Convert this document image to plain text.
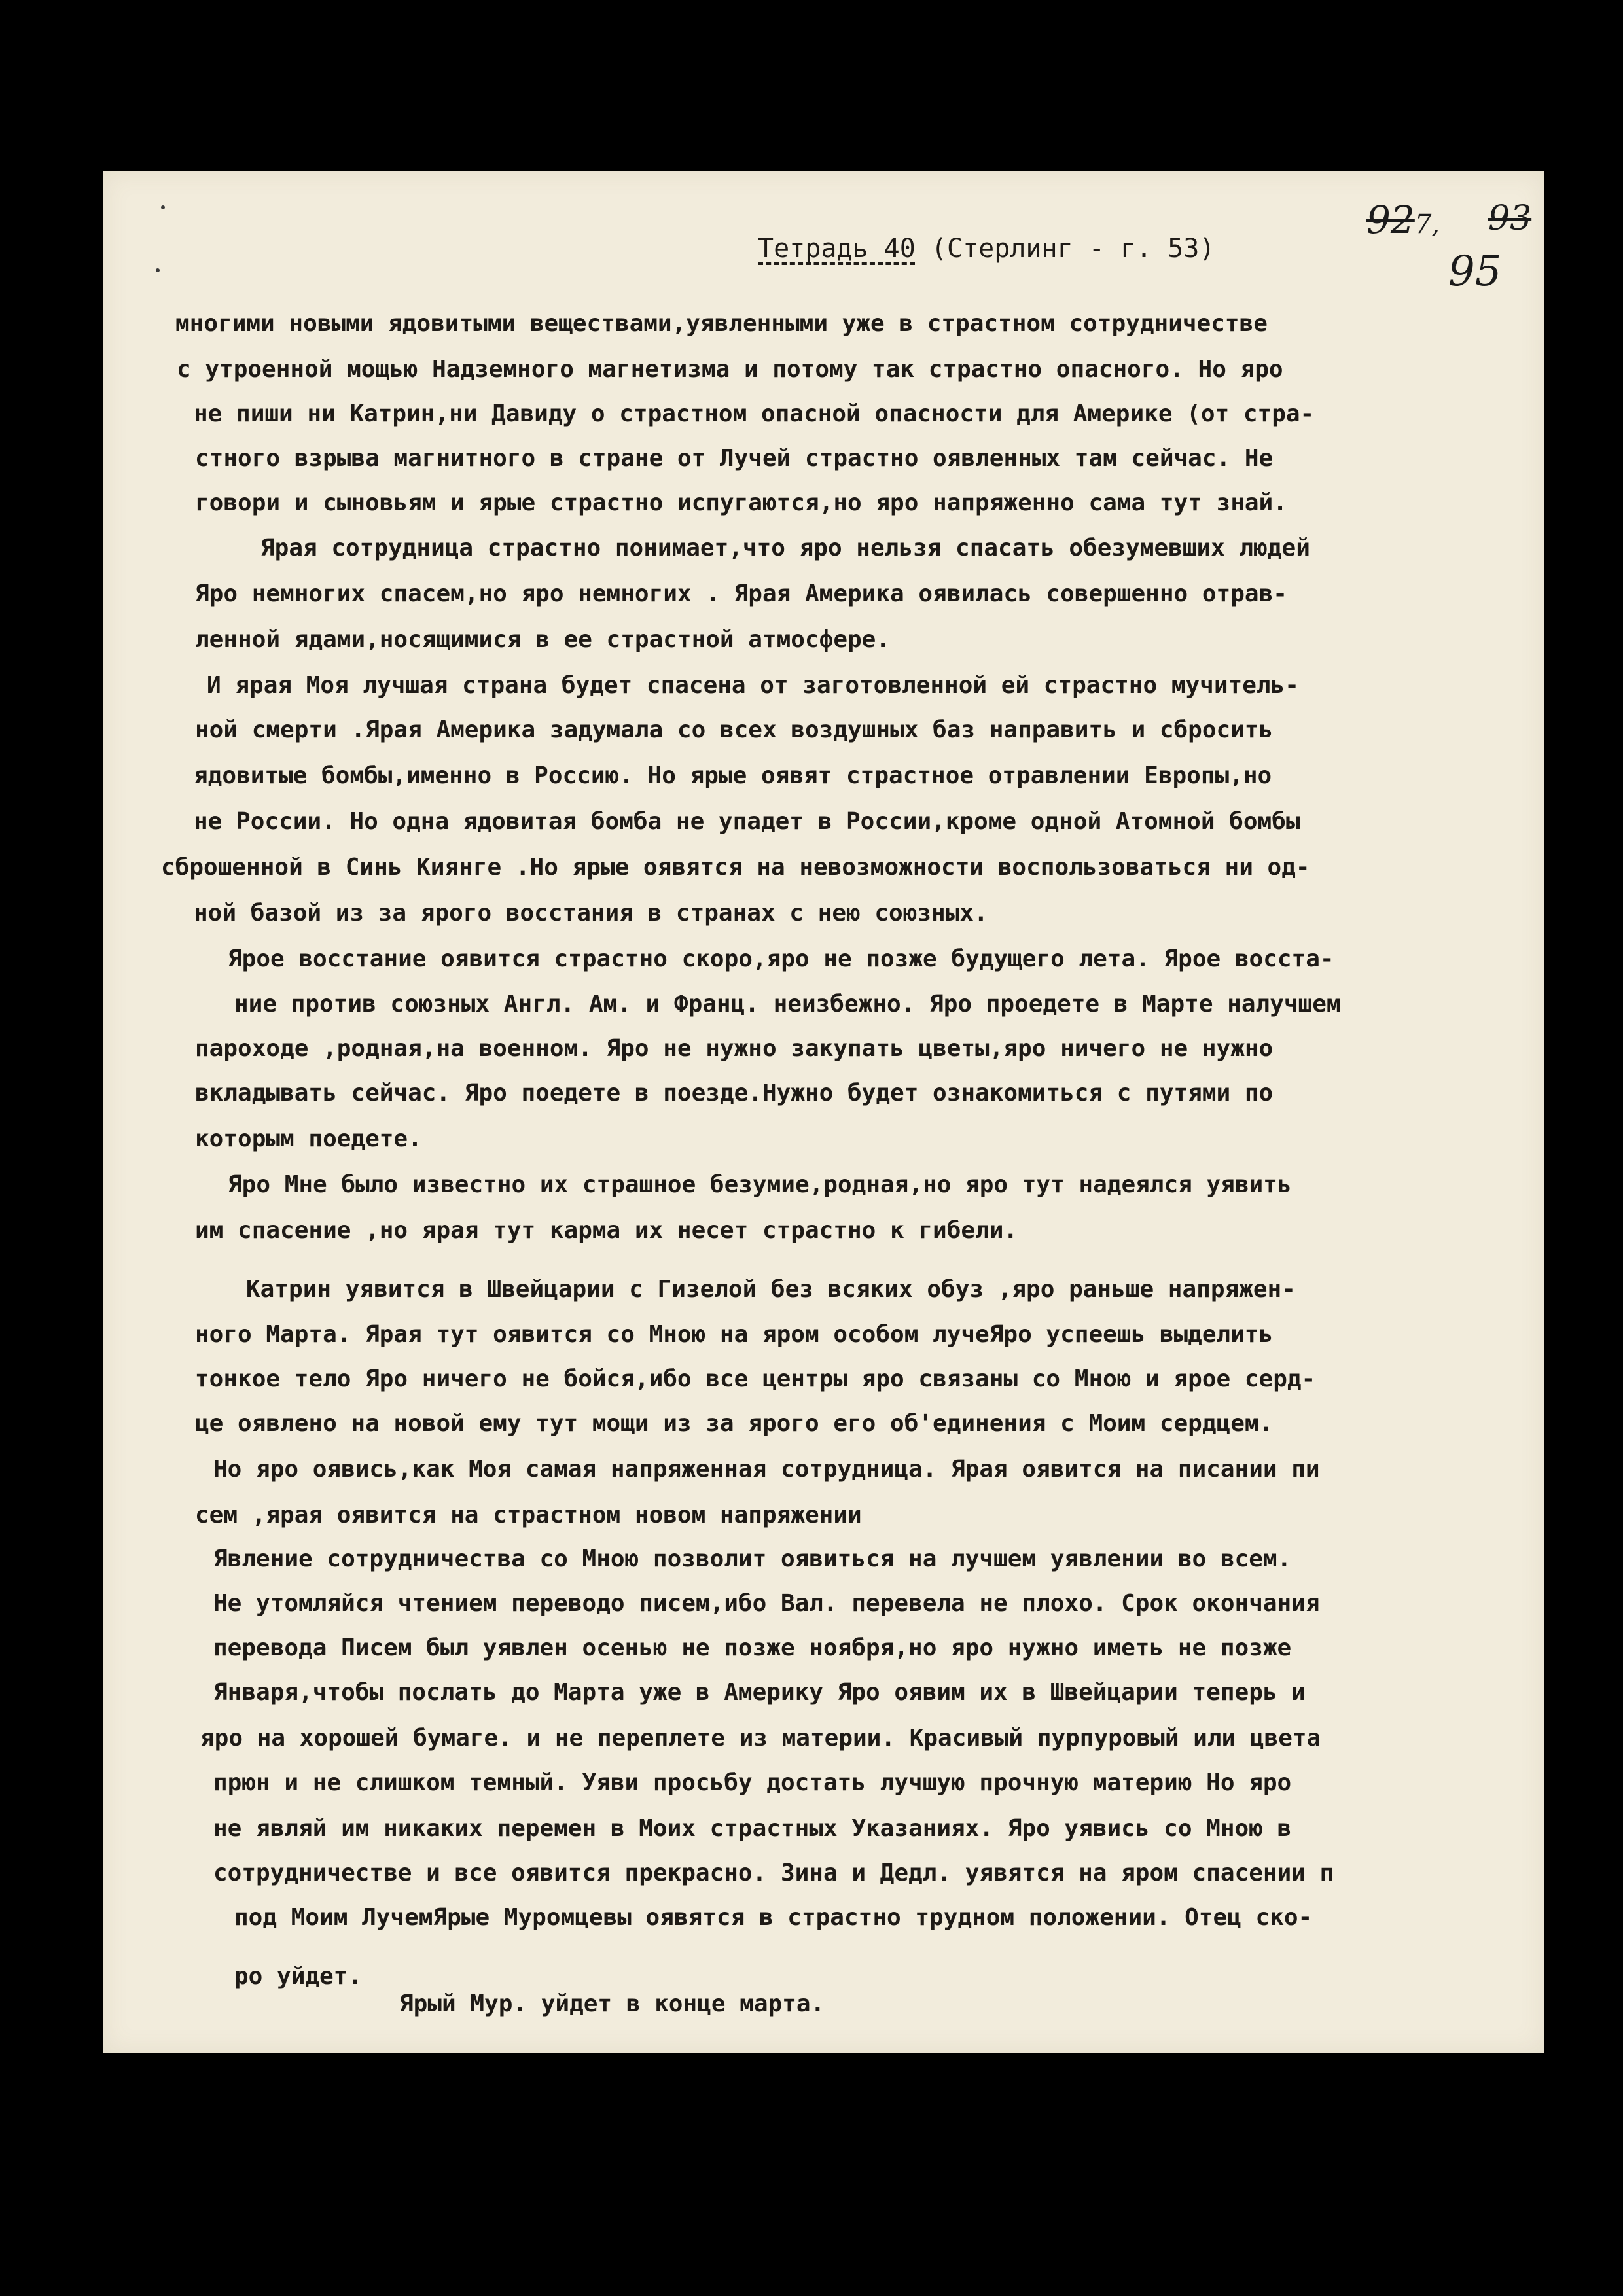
Тетрадь 40 (Стерлинг - г. 53)
927, 93
95
многими новыми ядовитыми веществами,уявленными уже в страстном сотрудничестве
с утроенной мощью Надземного магнетизма и потому так страстно опасного. Но яро
не пиши ни Катрин,ни Давиду о страстном опасной опасности для Америке (от стра-
стного взрыва магнитного в стране от Лучей страстно оявленных там сейчас. Не
говори и сыновьям и ярые страстно испугаются,но яро напряженно сама тут знай.
Ярая сотрудница страстно понимает,что яро нельзя спасать обезумевших людей
Яро немногих спасем,но яро немногих . Ярая Америка оявилась совершенно отрав-
ленной ядами,носящимися в ее страстной атмосфере.
И ярая Моя лучшая страна будет спасена от заготовленной ей страстно мучитель-
ной смерти .Ярая Америка задумала со всех воздушных баз направить и сбросить
ядовитые бомбы,именно в Россию. Но ярые оявят страстное отравлении Европы,но
не России. Но одна ядовитая бомба не упадет в России,кроме одной Атомной бомбы
сброшенной в Синь Киянге .Но ярые оявятся на невозможности воспользоваться ни од-
ной базой из за ярого восстания в странах с нею союзных.
Ярое восстание оявится страстно скоро,яро не позже будущего лета. Ярое восста-
ние против союзных Англ. Ам. и Франц. неизбежно. Яро проедете в Марте налучшем
пароходе ,родная,на военном. Яро не нужно закупать цветы,яро ничего не нужно
вкладывать сейчас. Яро поедете в поезде.Нужно будет ознакомиться с путями по
которым поедете.
Яро Мне было известно их страшное безумие,родная,но яро тут надеялся уявить
им спасение ,но ярая тут карма их несет страстно к гибели.
Катрин уявится в Швейцарии с Гизелой без всяких обуз ,яро раньше напряжен-
ного Марта. Ярая тут оявится со Мною на яром особом лучеЯро успеешь выделить
тонкое тело Яро ничего не бойся,ибо все центры яро связаны со Мною и ярое серд-
це оявлено на новой ему тут мощи из за ярого его об'единения с Моим сердцем.
Но яро оявись,как Моя самая напряженная сотрудница. Ярая оявится на писании пи
сем ,ярая оявится на страстном новом напряжении
Явление сотрудничества со Мною позволит оявиться на лучшем уявлении во всем.
Не утомляйся чтением переводо писем,ибо Вал. перевела не плохо. Срок окончания
перевода Писем был уявлен осенью не позже ноября,но яро нужно иметь не позже
Января,чтобы послать до Марта уже в Америку Яро оявим их в Швейцарии теперь и
яро на хорошей бумаге. и не переплете из материи. Красивый пурпуровый или цвета
прюн и не слишком темный. Уяви просьбу достать лучшую прочную материю Но яро
не являй им никаких перемен в Моих страстных Указаниях. Яро уявись со Мною в
сотрудничестве и все оявится прекрасно. Зина и Дедл. уявятся на яром спасении п
под Моим ЛучемЯрые Муромцевы оявятся в страстно трудном положении. Отец ско-
ро уйдет.
Ярый Мур. уйдет в конце марта.
